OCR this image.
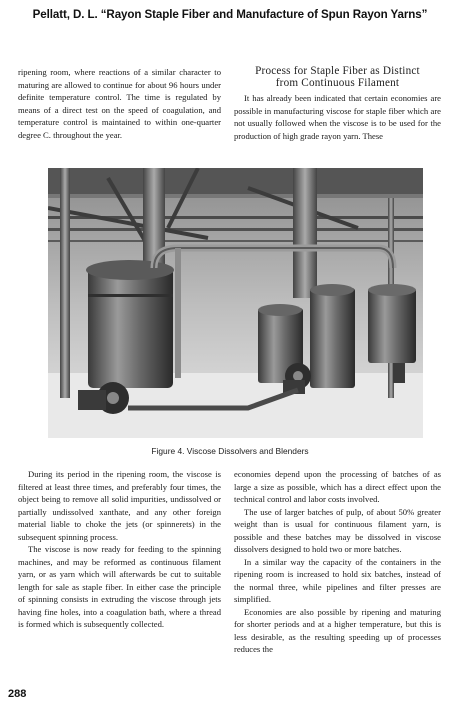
Pellatt, D. L. “Rayon Staple Fiber and Manufacture of Spun Rayon Yarns”

ripening room, where reactions of a similar character to maturing are allowed to continue for about 96 hours under definite temperature control. The time is regulated by means of a direct test on the speed of coagulation, and temperature control is maintained to within one-quarter degree C. throughout the year.

Process for Staple Fiber as Distinct
from Continuous Filament

It has already been indicated that certain economies are possible in manufacturing viscose for staple fiber which are not usually followed when the viscose is to be used for the production of high grade rayon yarn. These

Figure 4. Viscose Dissolvers and Blenders

During its period in the ripening room, the viscose is filtered at least three times, and preferably four times, the object being to remove all solid impurities, undissolved or partially undissolved xanthate, and any other foreign material liable to choke the jets (or spinnerets) in the subsequent spinning process.

The viscose is now ready for feeding to the spinning machines, and may be reformed as continuous filament yarn, or as yarn which will afterwards be cut to suitable length for sale as staple fiber. In either case the principle of spinning consists in extruding the viscose through jets having fine holes, into a coagulation bath, where a thread is formed which is subsequently collected.

economies depend upon the processing of batches of as large a size as possible, which has a direct effect upon the technical control and labor costs involved.

The use of larger batches of pulp, of about 50% greater weight than is usual for continuous filament yarn, is possible and these batches may be dissolved in viscose dissolvers designed to hold two or more batches.

In a similar way the capacity of the containers in the ripening room is increased to hold six batches, instead of the normal three, while pipelines and filter presses are simplified.

Economies are also possible by ripening and maturing for shorter periods and at a higher temperature, but this is less desirable, as the resulting speeding up of processes reduces the

288
